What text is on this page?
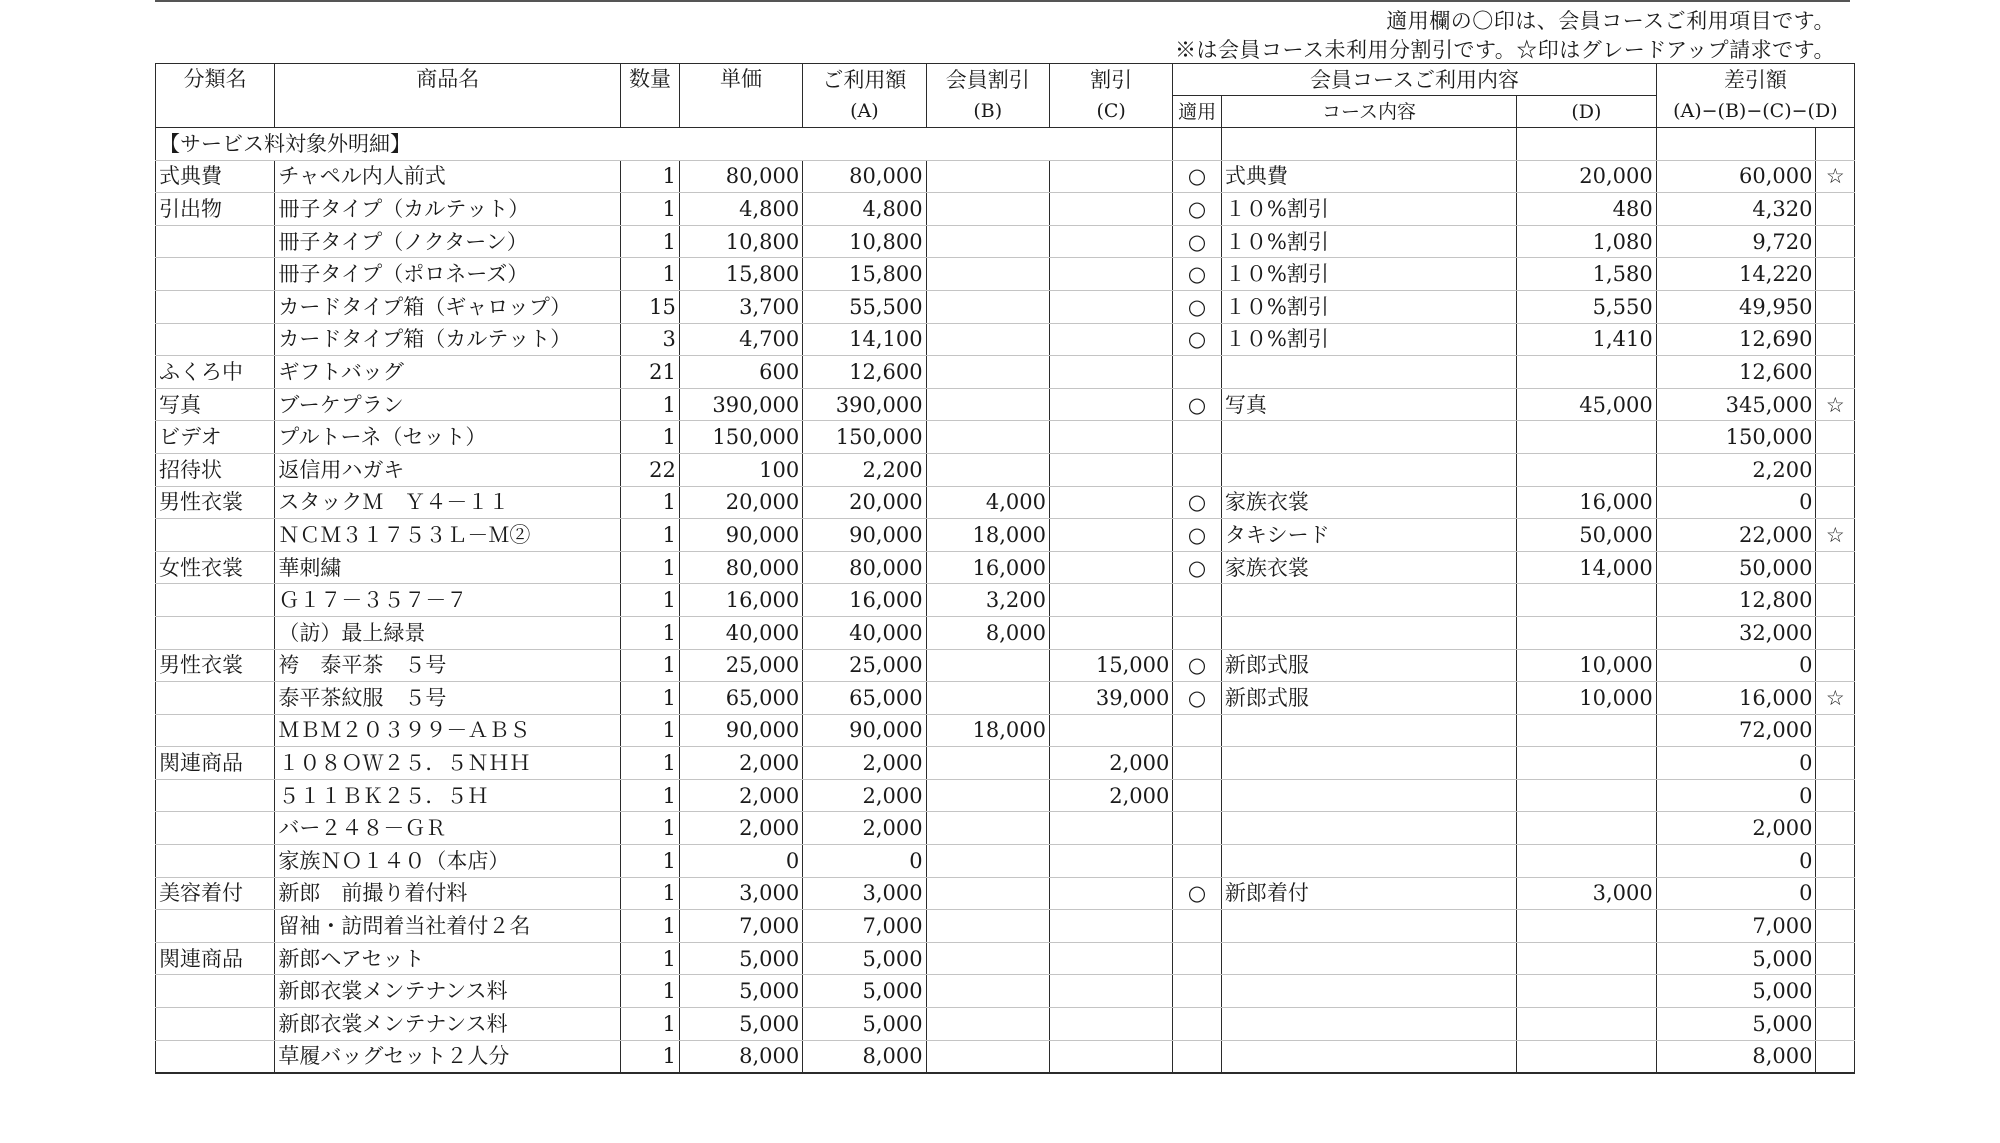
適用欄の〇印は、会員コースご利用項目です。
※は会員コース未利用分割引です。☆印はグレードアップ請求です。
分類名	商品名	数量	単価	ご利用額	会員割引	割引	会員コースご利用内容			差引額	
				(A)	(B)	(C)	適用	コース内容	(D)	(A)−(B)−(C)−(D)	
【サービス料対象外明細】											
式典費	チャペル内人前式	1	80,000	80,000			○	式典費	20,000	60,000	☆
引出物	冊子タイプ（カルテット）	1	4,800	4,800			○	１０%割引	480	4,320	
	冊子タイプ（ノクターン）	1	10,800	10,800			○	１０%割引	1,080	9,720	
	冊子タイプ（ポロネーズ）	1	15,800	15,800			○	１０%割引	1,580	14,220	
	カードタイプ箱（ギャロップ）	15	3,700	55,500			○	１０%割引	5,550	49,950	
	カードタイプ箱（カルテット）	3	4,700	14,100			○	１０%割引	1,410	12,690	
ふくろ中	ギフトバッグ	21	600	12,600						12,600	
写真	ブーケプラン	1	390,000	390,000			○	写真	45,000	345,000	☆
ビデオ	プルトーネ（セット）	1	150,000	150,000						150,000	
招待状	返信用ハガキ	22	100	2,200						2,200	
男性衣裳	スタックＭ　Ｙ４－１１	1	20,000	20,000	4,000		○	家族衣裳	16,000	0	
	ＮＣＭ３１７５３Ｌ－Ｍ②	1	90,000	90,000	18,000		○	タキシード	50,000	22,000	☆
女性衣裳	華刺繍	1	80,000	80,000	16,000		○	家族衣裳	14,000	50,000	
	Ｇ１７－３５７－７	1	16,000	16,000	3,200					12,800	
	（訪）最上緑景	1	40,000	40,000	8,000					32,000	
男性衣裳	袴　泰平茶　５号	1	25,000	25,000		15,000	○	新郎式服	10,000	0	
	泰平茶紋服　５号	1	65,000	65,000		39,000	○	新郎式服	10,000	16,000	☆
	ＭＢＭ２０３９９－ＡＢＳ	1	90,000	90,000	18,000					72,000	
関連商品	１０８ＯＷ２５．５ＮＨＨ	1	2,000	2,000		2,000				0	
	５１１ＢＫ２５．５Ｈ	1	2,000	2,000		2,000				0	
	バー２４８－ＧＲ	1	2,000	2,000						2,000	
	家族ＮＯ１４０（本店）	1	0	0						0	
美容着付	新郎　前撮り着付料	1	3,000	3,000			○	新郎着付	3,000	0	
	留袖・訪問着当社着付２名	1	7,000	7,000						7,000	
関連商品	新郎ヘアセット	1	5,000	5,000						5,000	
	新郎衣裳メンテナンス料	1	5,000	5,000						5,000	
	新郎衣裳メンテナンス料	1	5,000	5,000						5,000	
	草履バッグセット２人分	1	8,000	8,000						8,000	
